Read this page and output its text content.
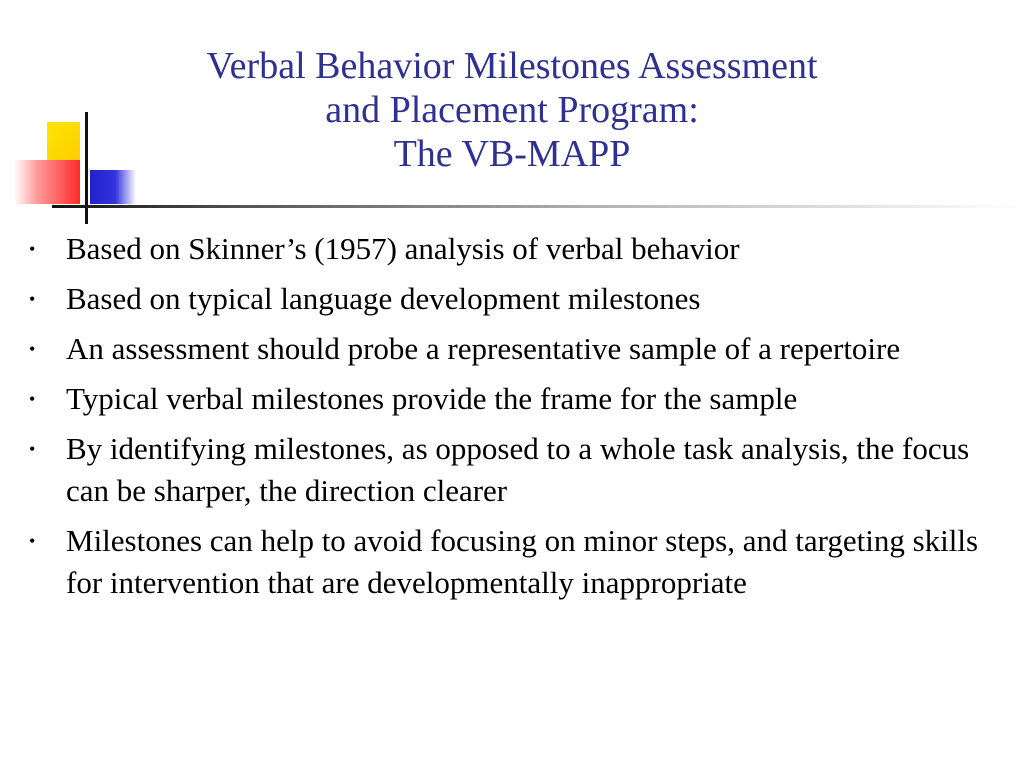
Verbal Behavior Milestones Assessment
and Placement Program:
The VB-MAPP
• Based on Skinner’s (1957) analysis of verbal behavior
• Based on typical language development milestones
• An assessment should probe a representative sample of a repertoire
• Typical verbal milestones provide the frame for the sample
• By identifying milestones, as opposed to a whole task analysis, the focus can be sharper, the direction clearer
• Milestones can help to avoid focusing on minor steps, and targeting skills for intervention that are developmentally inappropriate
